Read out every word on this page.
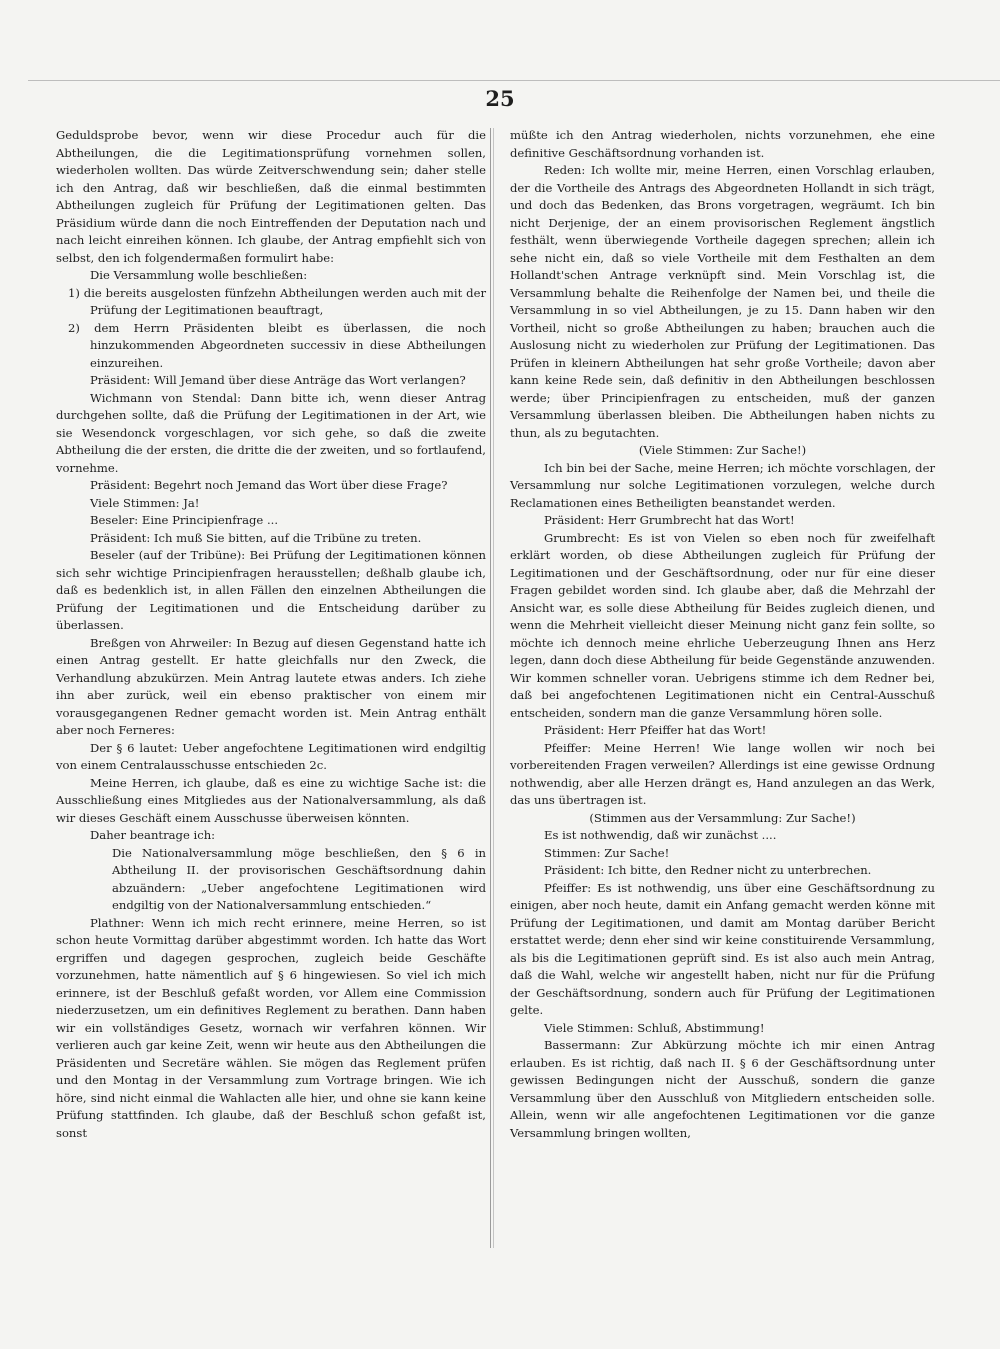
25

Geduldsprobe bevor, wenn wir diese Procedur auch für die Abtheilungen, die die Legitimationsprüfung vornehmen sollen, wiederholen wollten. Das würde Zeitverschwendung sein; daher stelle ich den Antrag, daß wir beschließen, daß die einmal bestimmten Abtheilungen zugleich für Prüfung der Legitimationen gelten. Das Präsidium würde dann die noch Eintreffenden der Deputation nach und nach leicht einreihen können. Ich glaube, der Antrag empfiehlt sich von selbst, den ich folgendermaßen formulirt habe:

Die Versammlung wolle beschließen:

1) die bereits ausgelosten fünfzehn Abtheilungen werden auch mit der Prüfung der Legitimationen beauftragt,

2) dem Herrn Präsidenten bleibt es überlassen, die noch hinzukommenden Abgeordneten successiv in diese Abtheilungen einzureihen.

Präsident: Will Jemand über diese Anträge das Wort verlangen?

Wichmann von Stendal: Dann bitte ich, wenn dieser Antrag durchgehen sollte, daß die Prüfung der Legitimationen in der Art, wie sie Wesendonck vorgeschlagen, vor sich gehe, so daß die zweite Abtheilung die der ersten, die dritte die der zweiten, und so fortlaufend, vornehme.

Präsident: Begehrt noch Jemand das Wort über diese Frage?

Viele Stimmen: Ja!

Beseler: Eine Principienfrage ...

Präsident: Ich muß Sie bitten, auf die Tribüne zu treten.

Beseler (auf der Tribüne): Bei Prüfung der Legitimationen können sich sehr wichtige Principienfragen herausstellen; deßhalb glaube ich, daß es bedenklich ist, in allen Fällen den einzelnen Abtheilungen die Prüfung der Legitimationen und die Entscheidung darüber zu überlassen.

Breßgen von Ahrweiler: In Bezug auf diesen Gegenstand hatte ich einen Antrag gestellt. Er hatte gleichfalls nur den Zweck, die Verhandlung abzukürzen. Mein Antrag lautete etwas anders. Ich ziehe ihn aber zurück, weil ein ebenso praktischer von einem mir vorausgegangenen Redner gemacht worden ist. Mein Antrag enthält aber noch Ferneres:

Der § 6 lautet: Ueber angefochtene Legitimationen wird endgiltig von einem Centralausschusse entschieden 2c.

Meine Herren, ich glaube, daß es eine zu wichtige Sache ist: die Ausschließung eines Mitgliedes aus der Nationalversammlung, als daß wir dieses Geschäft einem Ausschusse überweisen könnten.

Daher beantrage ich:

Die Nationalversammlung möge beschließen, den § 6 in Abtheilung II. der provisorischen Geschäftsordnung dahin abzuändern: „Ueber angefochtene Legitimationen wird endgiltig von der Nationalversammlung entschieden.“

Plathner: Wenn ich mich recht erinnere, meine Herren, so ist schon heute Vormittag darüber abgestimmt worden. Ich hatte das Wort ergriffen und dagegen gesprochen, zugleich beide Geschäfte vorzunehmen, hatte nämentlich auf § 6 hingewiesen. So viel ich mich erinnere, ist der Beschluß gefaßt worden, vor Allem eine Commission niederzusetzen, um ein definitives Reglement zu berathen. Dann haben wir ein vollständiges Gesetz, wornach wir verfahren können. Wir verlieren auch gar keine Zeit, wenn wir heute aus den Abtheilungen die Präsidenten und Secretäre wählen. Sie mögen das Reglement prüfen und den Montag in der Versammlung zum Vortrage bringen. Wie ich höre, sind nicht einmal die Wahlacten alle hier, und ohne sie kann keine Prüfung stattfinden. Ich glaube, daß der Beschluß schon gefaßt ist, sonst

müßte ich den Antrag wiederholen, nichts vorzunehmen, ehe eine definitive Geschäftsordnung vorhanden ist.

Reden: Ich wollte mir, meine Herren, einen Vorschlag erlauben, der die Vortheile des Antrags des Abgeordneten Hollandt in sich trägt, und doch das Bedenken, das Brons vorgetragen, wegräumt. Ich bin nicht Derjenige, der an einem provisorischen Reglement ängstlich festhält, wenn überwiegende Vortheile dagegen sprechen; allein ich sehe nicht ein, daß so viele Vortheile mit dem Festhalten an dem Hollandt'schen Antrage verknüpft sind. Mein Vorschlag ist, die Versammlung behalte die Reihenfolge der Namen bei, und theile die Versammlung in so viel Abtheilungen, je zu 15. Dann haben wir den Vortheil, nicht so große Abtheilungen zu haben; brauchen auch die Auslosung nicht zu wiederholen zur Prüfung der Legitimationen. Das Prüfen in kleinern Abtheilungen hat sehr große Vortheile; davon aber kann keine Rede sein, daß definitiv in den Abtheilungen beschlossen werde; über Principienfragen zu entscheiden, muß der ganzen Versammlung überlassen bleiben. Die Abtheilungen haben nichts zu thun, als zu begutachten.

(Viele Stimmen: Zur Sache!)

Ich bin bei der Sache, meine Herren; ich möchte vorschlagen, der Versammlung nur solche Legitimationen vorzulegen, welche durch Reclamationen eines Betheiligten beanstandet werden.

Präsident: Herr Grumbrecht hat das Wort!

Grumbrecht: Es ist von Vielen so eben noch für zweifelhaft erklärt worden, ob diese Abtheilungen zugleich für Prüfung der Legitimationen und der Geschäftsordnung, oder nur für eine dieser Fragen gebildet worden sind. Ich glaube aber, daß die Mehrzahl der Ansicht war, es solle diese Abtheilung für Beides zugleich dienen, und wenn die Mehrheit vielleicht dieser Meinung nicht ganz fein sollte, so möchte ich dennoch meine ehrliche Ueberzeugung Ihnen ans Herz legen, dann doch diese Abtheilung für beide Gegenstände anzuwenden. Wir kommen schneller voran. Uebrigens stimme ich dem Redner bei, daß bei angefochtenen Legitimationen nicht ein Central-Ausschuß entscheiden, sondern man die ganze Versammlung hören solle.

Präsident: Herr Pfeiffer hat das Wort!

Pfeiffer: Meine Herren! Wie lange wollen wir noch bei vorbereitenden Fragen verweilen? Allerdings ist eine gewisse Ordnung nothwendig, aber alle Herzen drängt es, Hand anzulegen an das Werk, das uns übertragen ist.

(Stimmen aus der Versammlung: Zur Sache!)

Es ist nothwendig, daß wir zunächst ....

Stimmen: Zur Sache!

Präsident: Ich bitte, den Redner nicht zu unterbrechen.

Pfeiffer: Es ist nothwendig, uns über eine Geschäftsordnung zu einigen, aber noch heute, damit ein Anfang gemacht werden könne mit Prüfung der Legitimationen, und damit am Montag darüber Bericht erstattet werde; denn eher sind wir keine constituirende Versammlung, als bis die Legitimationen geprüft sind. Es ist also auch mein Antrag, daß die Wahl, welche wir angestellt haben, nicht nur für die Prüfung der Geschäftsordnung, sondern auch für Prüfung der Legitimationen gelte.

Viele Stimmen: Schluß, Abstimmung!

Bassermann: Zur Abkürzung möchte ich mir einen Antrag erlauben. Es ist richtig, daß nach II. § 6 der Geschäftsordnung unter gewissen Bedingungen nicht der Ausschuß, sondern die ganze Versammlung über den Ausschluß von Mitgliedern entscheiden solle. Allein, wenn wir alle angefochtenen Legitimationen vor die ganze Versammlung bringen wollten,
